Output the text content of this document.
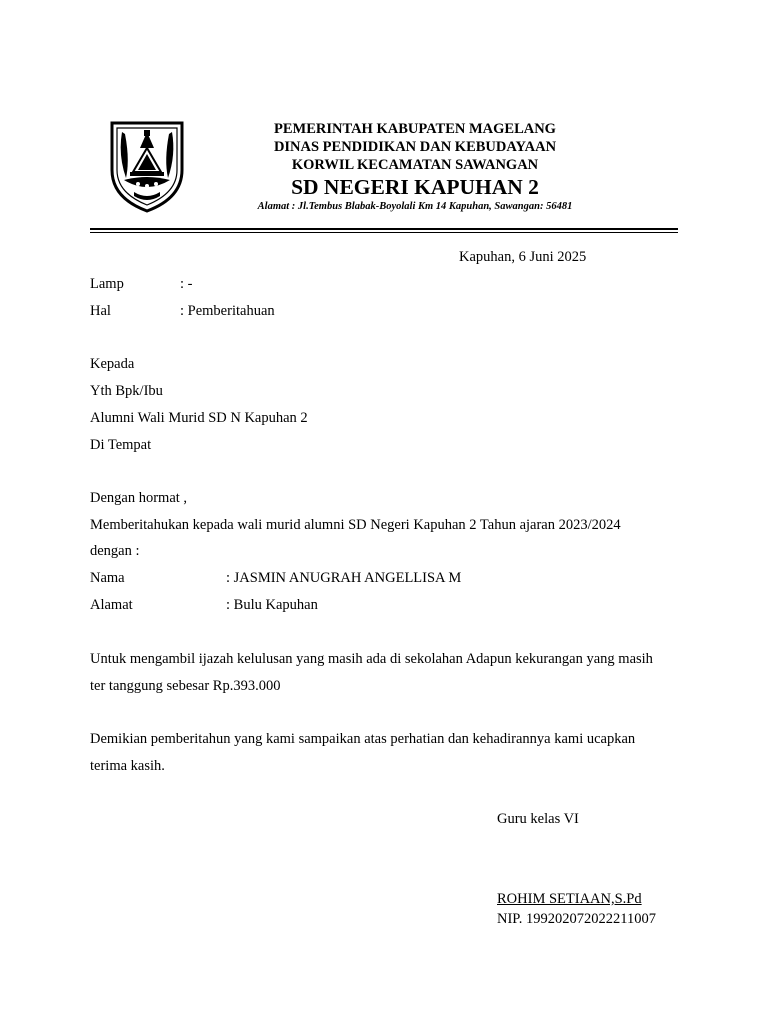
PEMERINTAH KABUPATEN MAGELANG
DINAS PENDIDIKAN DAN KEBUDAYAAN
KORWIL KECAMATAN SAWANGAN
SD NEGERI KAPUHAN 2
Alamat : Jl.Tembus Blabak-Boyolali Km 14 Kapuhan, Sawangan: 56481
Kapuhan, 6 Juni 2025
Lamp	: -
Hal	: Pemberitahuan
Kepada
Yth Bpk/Ibu
Alumni Wali Murid SD N Kapuhan 2
Di Tempat
Dengan hormat ,
Memberitahukan kepada wali murid alumni SD Negeri Kapuhan 2 Tahun ajaran 2023/2024
dengan :
Nama	: JASMIN ANUGRAH ANGELLISA M
Alamat	: Bulu Kapuhan
Untuk mengambil ijazah kelulusan yang masih ada di sekolahan Adapun kekurangan yang masih
ter tanggung sebesar Rp.393.000
Demikian pemberitahun yang kami sampaikan atas perhatian dan kehadirannya kami ucapkan
terima kasih.
Guru kelas VI
ROHIM SETIAAN,S.Pd
NIP. 199202072022211007
